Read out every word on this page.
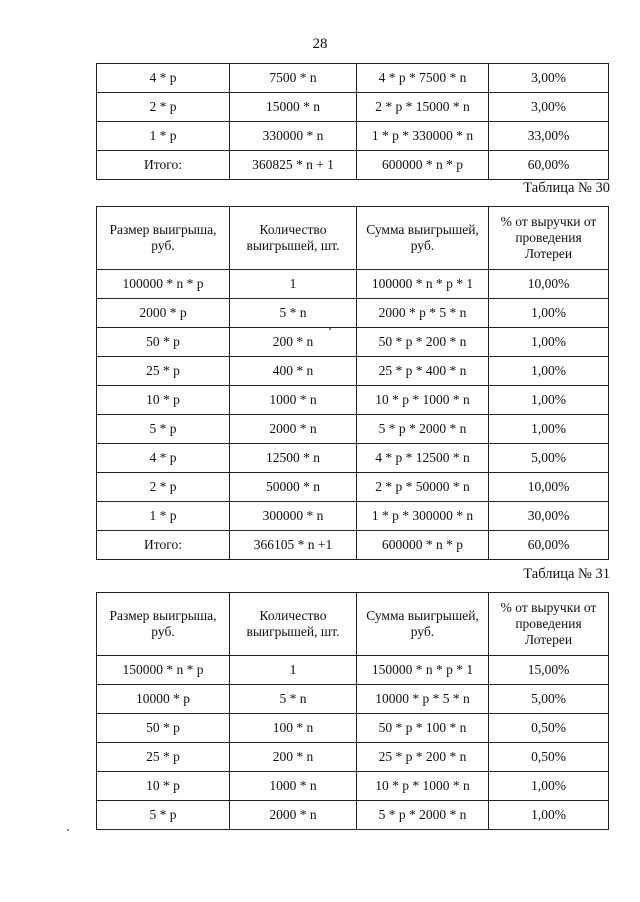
28
4 * p	7500 * n	4 * p * 7500 * n	3,00%
2 * p	15000 * n	2 * p * 15000 * n	3,00%
1 * p	330000 * n	1 * p * 330000 * n	33,00%
Итого:	360825 * n + 1	600000 * n * p	60,00%
Таблица № 30
Размер выигрыша, руб.	Количество выигрышей, шт.	Сумма выигрышей, руб.	% от выручки от проведения Лотереи
100000 * n * p	1	100000 * n * p * 1	10,00%
2000 * p	5 * n	2000 * p * 5 * n	1,00%
50 * p	200 * n	50 * p * 200 * n	1,00%
25 * p	400 * n	25 * p * 400 * n	1,00%
10 * p	1000 * n	10 * p * 1000 * n	1,00%
5 * p	2000 * n	5 * p * 2000 * n	1,00%
4 * p	12500 * n	4 * p * 12500 * n	5,00%
2 * p	50000 * n	2 * p * 50000 * n	10,00%
1 * p	300000 * n	1 * p * 300000 * n	30,00%
Итого:	366105 * n +1	600000 * n * p	60,00%
Таблица № 31
Размер выигрыша, руб.	Количество выигрышей, шт.	Сумма выигрышей, руб.	% от выручки от проведения Лотереи
150000 * n * p	1	150000 * n * p * 1	15,00%
10000 * p	5 * n	10000 * p * 5 * n	5,00%
50 * p	100 * n	50 * p * 100 * n	0,50%
25 * p	200 * n	25 * p * 200 * n	0,50%
10 * p	1000 * n	10 * p * 1000 * n	1,00%
5 * p	2000 * n	5 * p * 2000 * n	1,00%
